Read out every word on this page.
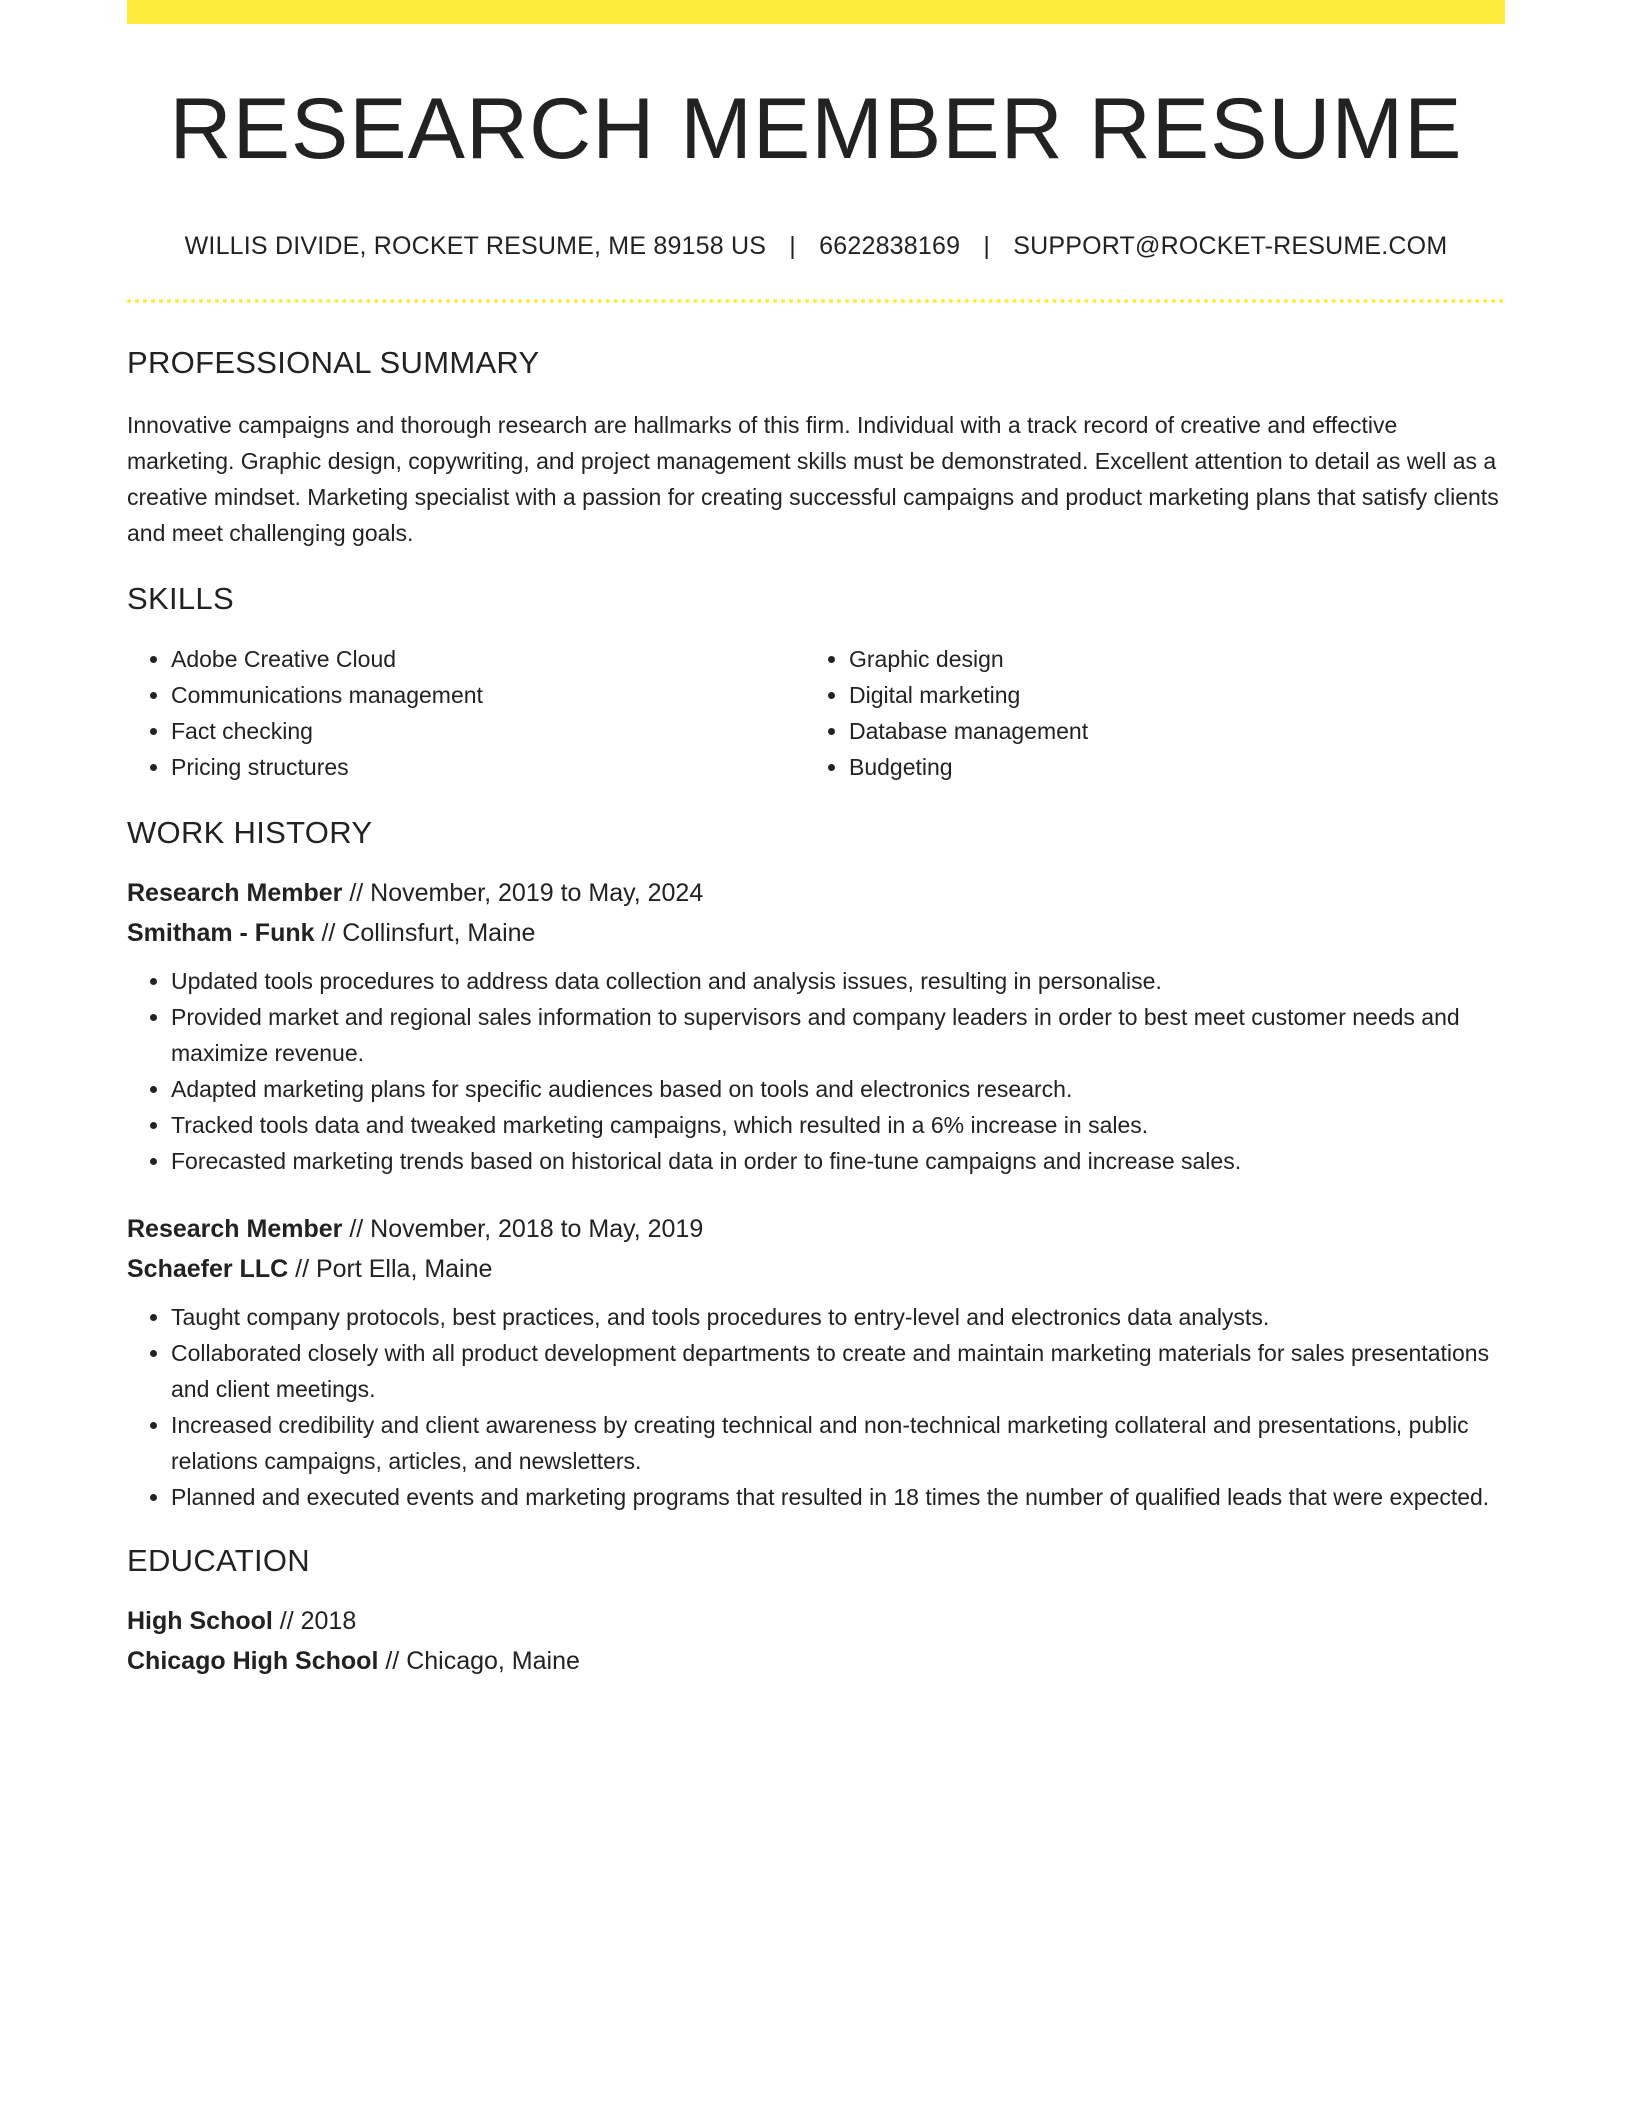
RESEARCH MEMBER RESUME
WILLIS DIVIDE, ROCKET RESUME, ME 89158 US | 6622838169 | SUPPORT@ROCKET-RESUME.COM
PROFESSIONAL SUMMARY
Innovative campaigns and thorough research are hallmarks of this firm. Individual with a track record of creative and effective marketing. Graphic design, copywriting, and project management skills must be demonstrated. Excellent attention to detail as well as a creative mindset. Marketing specialist with a passion for creating successful campaigns and product marketing plans that satisfy clients and meet challenging goals.
SKILLS
• Adobe Creative Cloud
• Communications management
• Fact checking
• Pricing structures
• Graphic design
• Digital marketing
• Database management
• Budgeting
WORK HISTORY
Research Member // November, 2019 to May, 2024
Smitham - Funk // Collinsfurt, Maine
• Updated tools procedures to address data collection and analysis issues, resulting in personalise.
• Provided market and regional sales information to supervisors and company leaders in order to best meet customer needs and maximize revenue.
• Adapted marketing plans for specific audiences based on tools and electronics research.
• Tracked tools data and tweaked marketing campaigns, which resulted in a 6% increase in sales.
• Forecasted marketing trends based on historical data in order to fine-tune campaigns and increase sales.
Research Member // November, 2018 to May, 2019
Schaefer LLC // Port Ella, Maine
• Taught company protocols, best practices, and tools procedures to entry-level and electronics data analysts.
• Collaborated closely with all product development departments to create and maintain marketing materials for sales presentations and client meetings.
• Increased credibility and client awareness by creating technical and non-technical marketing collateral and presentations, public relations campaigns, articles, and newsletters.
• Planned and executed events and marketing programs that resulted in 18 times the number of qualified leads that were expected.
EDUCATION
High School // 2018
Chicago High School // Chicago, Maine
